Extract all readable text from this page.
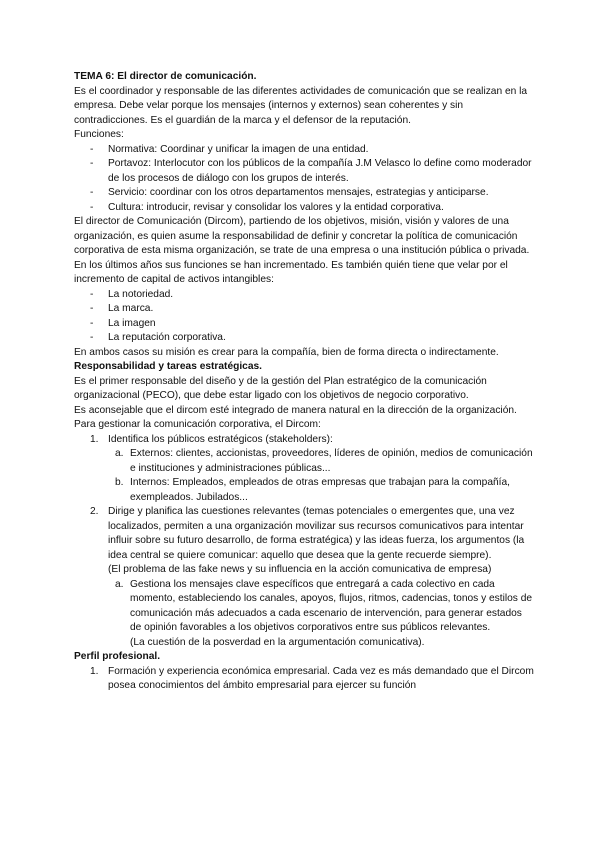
TEMA 6: El director de comunicación.

Es el coordinador y responsable de las diferentes actividades de comunicación que se realizan en la empresa. Debe velar porque los mensajes (internos y externos) sean coherentes y sin contradicciones. Es el guardián de la marca y el defensor de la reputación.

Funciones:

- Normativa: Coordinar y unificar la imagen de una entidad.
- Portavoz: Interlocutor con los públicos de la compañía J.M Velasco lo define como moderador de los procesos de diálogo con los grupos de interés.
- Servicio: coordinar con los otros departamentos mensajes, estrategias y anticiparse.
- Cultura: introducir, revisar y consolidar los valores y la entidad corporativa.

El director de Comunicación (Dircom), partiendo de los objetivos, misión, visión y valores de una organización, es quien asume la responsabilidad de definir y concretar la política de comunicación corporativa de esta misma organización, se trate de una empresa o una institución pública o privada.

En los últimos años sus funciones se han incrementado. Es también quién tiene que velar por el incremento de capital de activos intangibles:

- La notoriedad.
- La marca.
- La imagen
- La reputación corporativa.

En ambos casos su misión es crear para la compañía, bien de forma directa o indirectamente.

Responsabilidad y tareas estratégicas.

Es el primer responsable del diseño y de la gestión del Plan estratégico de la comunicación organizacional (PECO), que debe estar ligado con los objetivos de negocio corporativo.

Es aconsejable que el dircom esté integrado de manera natural en la dirección de la organización.

Para gestionar la comunicación corporativa, el Dircom:

1. Identifica los públicos estratégicos (stakeholders):
a. Externos: clientes, accionistas, proveedores, líderes de opinión, medios de comunicación e instituciones y administraciones públicas...
b. Internos: Empleados, empleados de otras empresas que trabajan para la compañía, exempleados. Jubilados...
2. Dirige y planifica las cuestiones relevantes (temas potenciales o emergentes que, una vez localizados, permiten a una organización movilizar sus recursos comunicativos para intentar influir sobre su futuro desarrollo, de forma estratégica) y las ideas fuerza, los argumentos (la idea central se quiere comunicar: aquello que desea que la gente recuerde siempre).

(El problema de las fake news y su influencia en la acción comunicativa de empresa)

a. Gestiona los mensajes clave específicos que entregará a cada colectivo en cada momento, estableciendo los canales, apoyos, flujos, ritmos, cadencias, tonos y estilos de comunicación más adecuados a cada escenario de intervención, para generar estados de opinión favorables a los objetivos corporativos entre sus públicos relevantes.

(La cuestión de la posverdad en la argumentación comunicativa).

Perfil profesional.

1. Formación y experiencia económica empresarial. Cada vez es más demandado que el Dircom posea conocimientos del ámbito empresarial para ejercer su función
